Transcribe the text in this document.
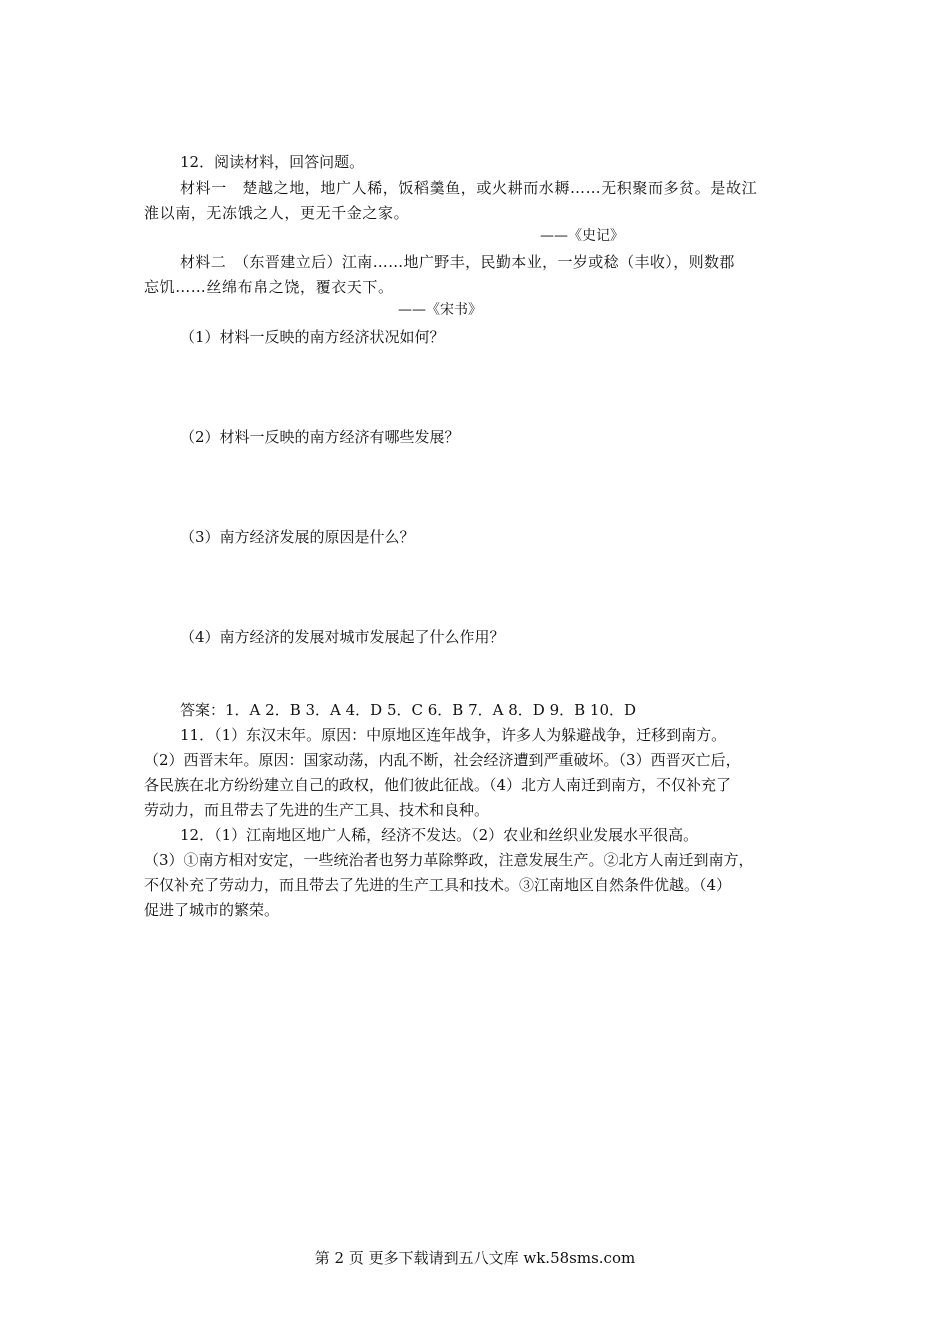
12．阅读材料，回答问题。
材料一　楚越之地，地广人稀，饭稻羹鱼，或火耕而水耨……无积聚而多贫。是故江
淮以南，无冻饿之人，更无千金之家。
——《史记》
材料二　（东晋建立后）江南……地广野丰，民勤本业，一岁或稔（丰收），则数郡
忘饥……丝绵布帛之饶，覆衣天下。
——《宋书》
（1）材料一反映的南方经济状况如何？
（2）材料一反映的南方经济有哪些发展？
（3）南方经济发展的原因是什么？
（4）南方经济的发展对城市发展起了什么作用？
答案：1．A 2．B 3．A 4．D 5．C 6．B 7．A 8．D 9．B 10．D
11．（1）东汉末年。原因：中原地区连年战争，许多人为躲避战争，迁移到南方。
（2）西晋末年。原因：国家动荡，内乱不断，社会经济遭到严重破坏。（3）西晋灭亡后，
各民族在北方纷纷建立自己的政权，他们彼此征战。（4）北方人南迁到南方，不仅补充了
劳动力，而且带去了先进的生产工具、技术和良种。
12．（1）江南地区地广人稀，经济不发达。（2）农业和丝织业发展水平很高。
（3）①南方相对安定，一些统治者也努力革除弊政，注意发展生产。②北方人南迁到南方，
不仅补充了劳动力，而且带去了先进的生产工具和技术。③江南地区自然条件优越。（4）
促进了城市的繁荣。
第 2 页 更多下载请到五八文库 wk.58sms.com
